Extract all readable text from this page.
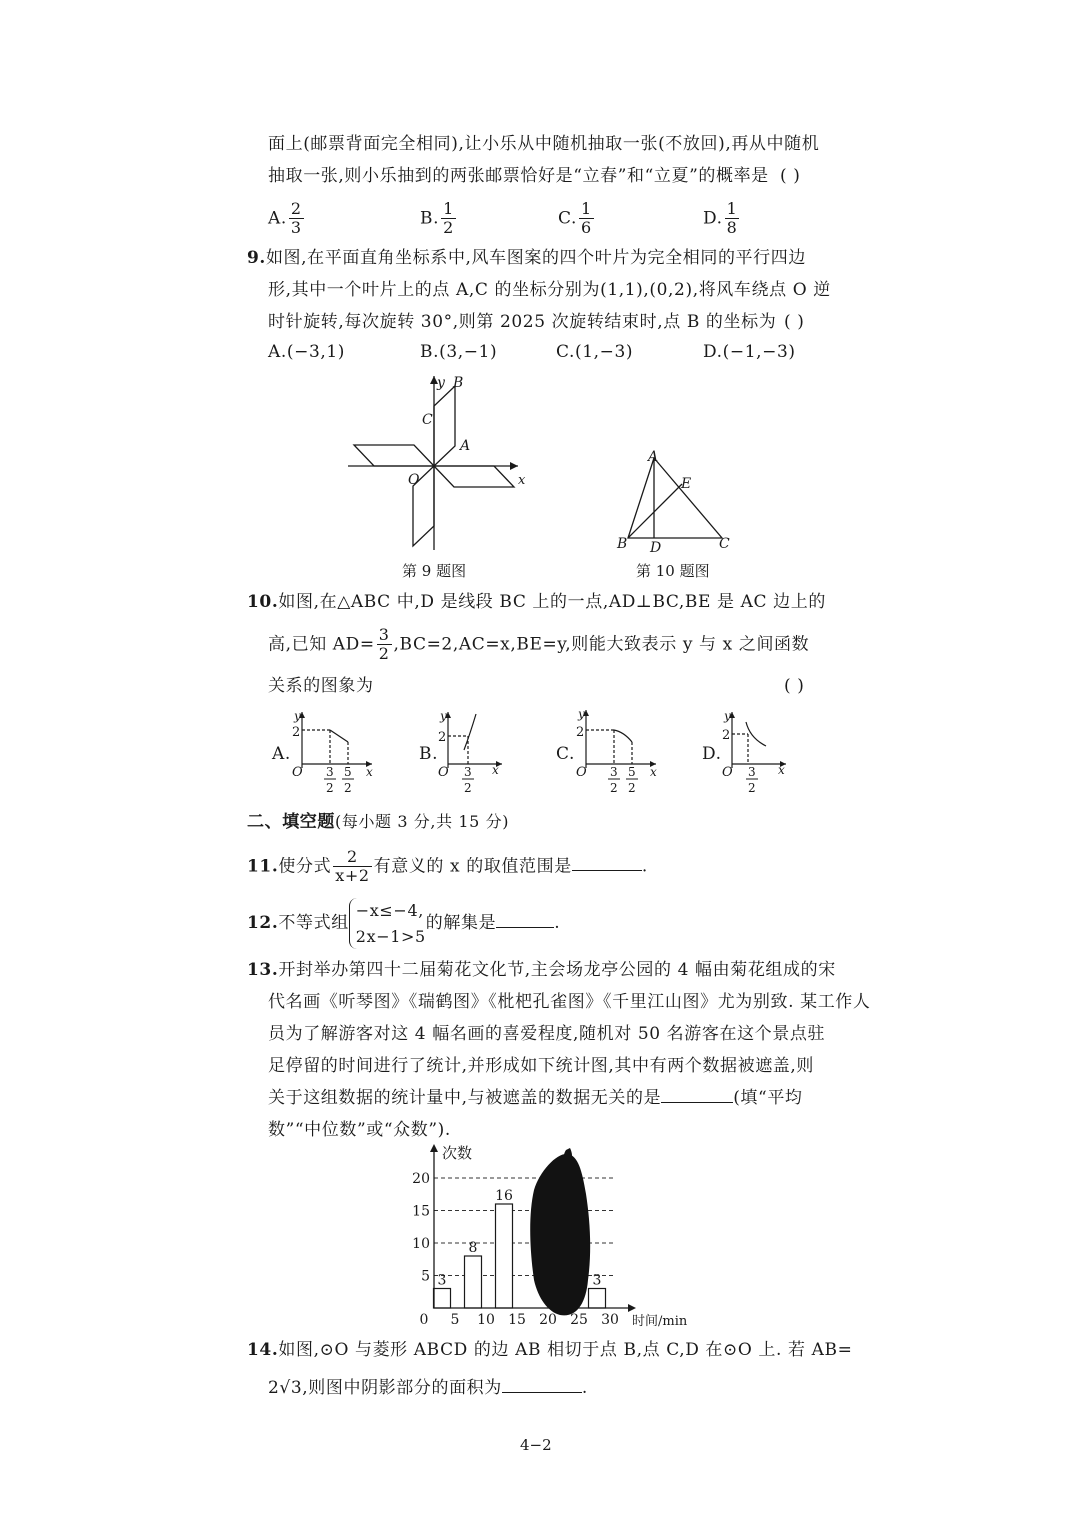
面上(邮票背面完全相同),让小乐从中随机抽取一张(不放回),再从中随机
抽取一张,则小乐抽到的两张邮票恰好是“立春”和“立夏”的概率是 ( )
A. $\frac{2}{3}$	B. $\frac{1}{2}$	C. $\frac{1}{6}$	D. $\frac{1}{8}$
9.如图,在平面直角坐标系中,风车图案的四个叶片为完全相同的平行四边
形,其中一个叶片上的点 A,C 的坐标分别为(1,1),(0,2),将风车绕点 O 逆
时针旋转,每次旋转 30°,则第 2025 次旋转结束时,点 B 的坐标为 ( )
A.(−3,1)	B.(3,−1)	C.(1,−3)	D.(−1,−3)
y B
C
A
O	x
第 9 题图
A
E
B D	C
第 10 题图
10.如图,在△ABC 中,D 是线段 BC 上的一点,AD⊥BC,BE 是 AC 边上的
高,已知 $AD= \frac{3}{2} ,BC=2,AC=x,BE=y$,则能大致表示 y 与 x 之间函数
关系的图象为	( )
A.
y
2
O	x
3
2
5
2
B.
y
2
O	x
3
2
C.
y
2
O	x
3
2
5
2
D.
y
2
O	x
3
2
二、填空题(每小题 3 分,共 15 分)
11.使分式 $\frac{2}{x+2}$ 有意义的 x 的取值范围是	.
12.不等式组
−x≤−4,
2x−1>5
的解集是	.
13.开封举办第四十二届菊花文化节,主会场龙亭公园的 4 幅由菊花组成的宋
代名画《听琴图》《瑞鹤图》《枇杷孔雀图》《千里江山图》尤为别致. 某工作人
员为了解游客对这 4 幅名画的喜爱程度,随机对 50 名游客在这个景点驻
足停留的时间进行了统计,并形成如下统计图,其中有两个数据被遮盖,则
关于这组数据的统计量中,与被遮盖的数据无关的是	(填“平均
数”“中位数”或“众数”).
5
10
15
20
0 5 10 15 20 25 30
3
8
16
3
次数
时间/min
14.如图,⊙O 与菱形 ABCD 的边 AB 相切于点 B,点 C,D 在⊙O 上. 若 AB=
2√3,则图中阴影部分的面积为	.
4−2
